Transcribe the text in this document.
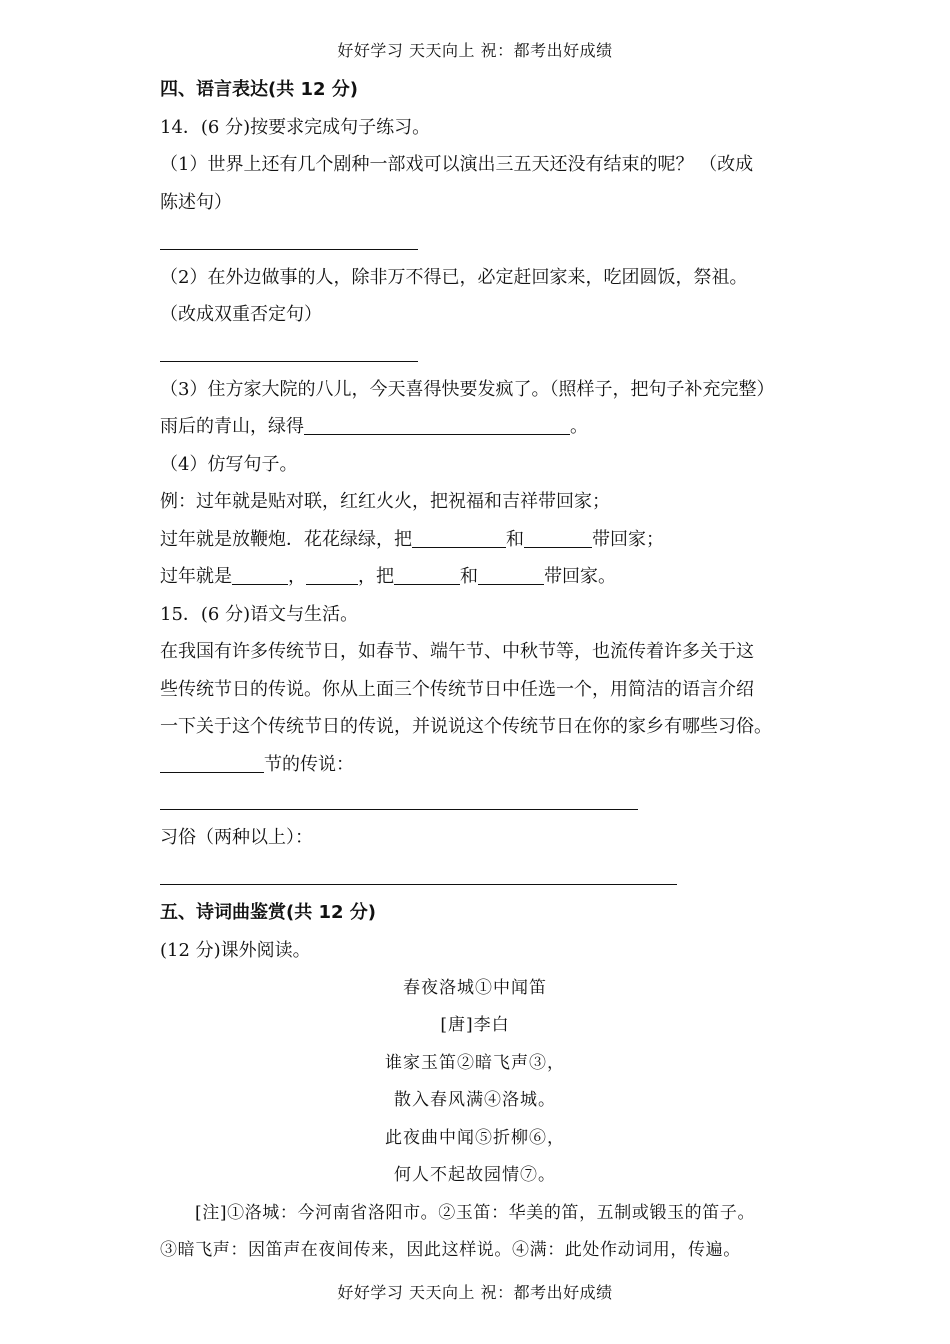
好好学习 天天向上 祝：都考出好成绩
四、语言表达(共 12 分)
14．(6 分)按要求完成句子练习。
（1）世界上还有几个剧种一部戏可以演出三五天还没有结束的呢？ （改成
陈述句）
（2）在外边做事的人，除非万不得已，必定赶回家来，吃团圆饭，祭祖。
（改成双重否定句）
（3）住方家大院的八儿，今天喜得快要发疯了。（照样子，把句子补充完整）
雨后的青山，绿得	。
（4）仿写句子。
例：过年就是贴对联，红红火火，把祝福和吉祥带回家；
过年就是放鞭炮．花花绿绿，把	和	带回家；
过年就是	，	，把	和	带回家。
15．(6 分)语文与生活。
在我国有许多传统节日，如春节、端午节、中秋节等，也流传着许多关于这
些传统节日的传说。你从上面三个传统节日中任选一个，用简洁的语言介绍
一下关于这个传统节日的传说，并说说这个传统节日在你的家乡有哪些习俗。
节的传说：
习俗（两种以上）：
五、诗词曲鉴赏(共 12 分)
(12 分)课外阅读。
春夜洛城①中闻笛
[唐]李白
谁家玉笛②暗飞声③，
散入春风满④洛城。
此夜曲中闻⑤折柳⑥，
何人不起故园情⑦。
[注]①洛城：今河南省洛阳市。②玉笛：华美的笛，五制或锻玉的笛子。
③暗飞声：因笛声在夜间传来，因此这样说。④满：此处作动词用，传遍。
好好学习 天天向上 祝：都考出好成绩
